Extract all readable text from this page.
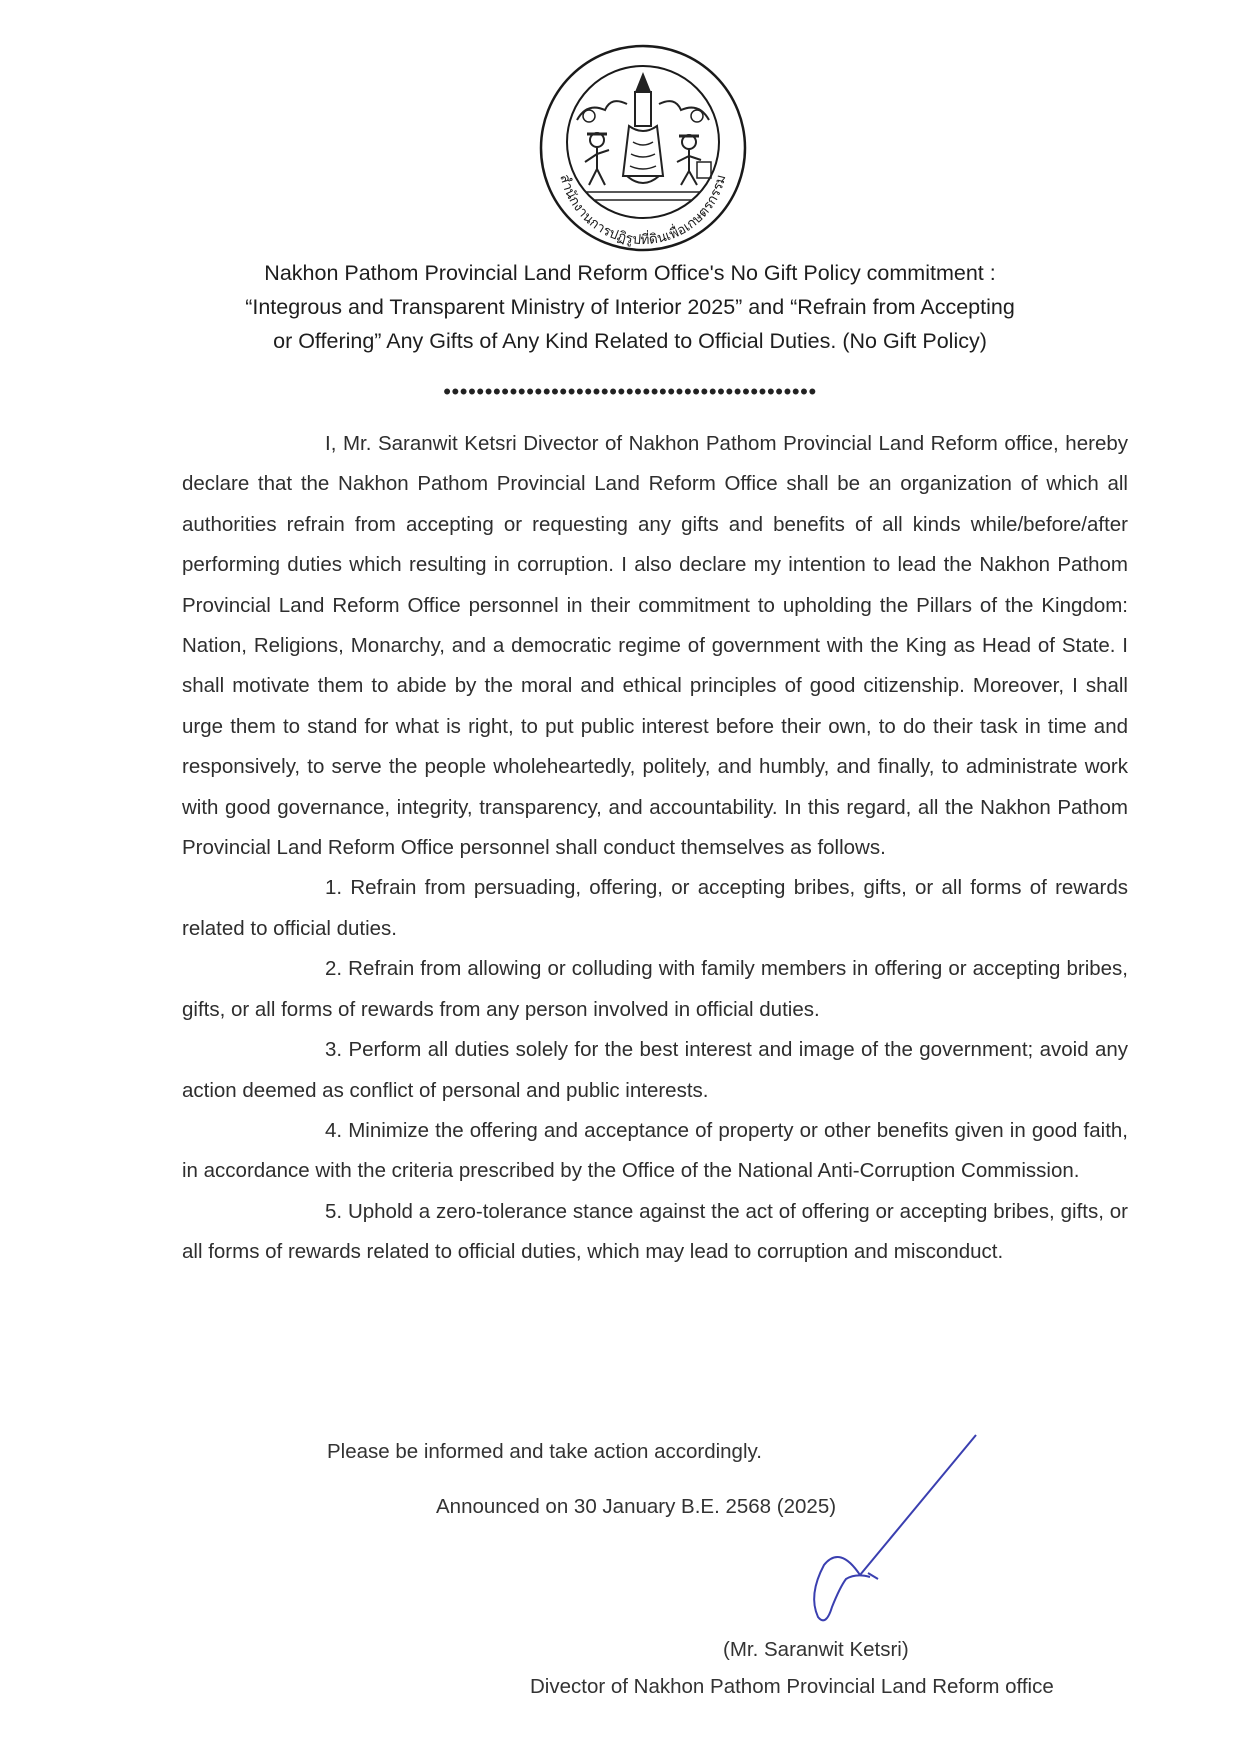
สำนักงานการปฏิรูปที่ดินเพื่อเกษตรกรรม
Nakhon Pathom Provincial Land Reform Office's No Gift Policy commitment :
“Integrous and Transparent Ministry of Interior 2025” and “Refrain from Accepting
or Offering” Any Gifts of Any Kind Related to Official Duties. (No Gift Policy)
•••••••••••••••••••••••••••••••••••••••••••••

I, Mr. Saranwit Ketsri Divector of Nakhon Pathom Provincial Land Reform office, hereby declare that the Nakhon Pathom Provincial Land Reform Office shall be an organization of which all authorities refrain from accepting or requesting any gifts and benefits of all kinds while/before/after performing duties which resulting in corruption. I also declare my intention to lead the Nakhon Pathom Provincial Land Reform Office personnel in their commitment to upholding the Pillars of the Kingdom: Nation, Religions, Monarchy, and a democratic regime of government with the King as Head of State. I shall motivate them to abide by the moral and ethical principles of good citizenship. Moreover, I shall urge them to stand for what is right, to put public interest before their own, to do their task in time and responsively, to serve the people wholeheartedly, politely, and humbly, and finally, to administrate work with good governance, integrity, transparency, and accountability. In this regard, all the Nakhon Pathom Provincial Land Reform Office personnel shall conduct themselves as follows.

1. Refrain from persuading, offering, or accepting bribes, gifts, or all forms of rewards related to official duties.

2. Refrain from allowing or colluding with family members in offering or accepting bribes, gifts, or all forms of rewards from any person involved in official duties.

3. Perform all duties solely for the best interest and image of the government; avoid any action deemed as conflict of personal and public interests.

4. Minimize the offering and acceptance of property or other benefits given in good faith, in accordance with the criteria prescribed by the Office of the National Anti-Corruption Commission.

5. Uphold a zero-tolerance stance against the act of offering or accepting bribes, gifts, or all forms of rewards related to official duties, which may lead to corruption and misconduct.

Please be informed and take action accordingly.
Announced on 30 January B.E. 2568 (2025)
(Mr. Saranwit Ketsri)
Divector of Nakhon Pathom Provincial Land Reform office
